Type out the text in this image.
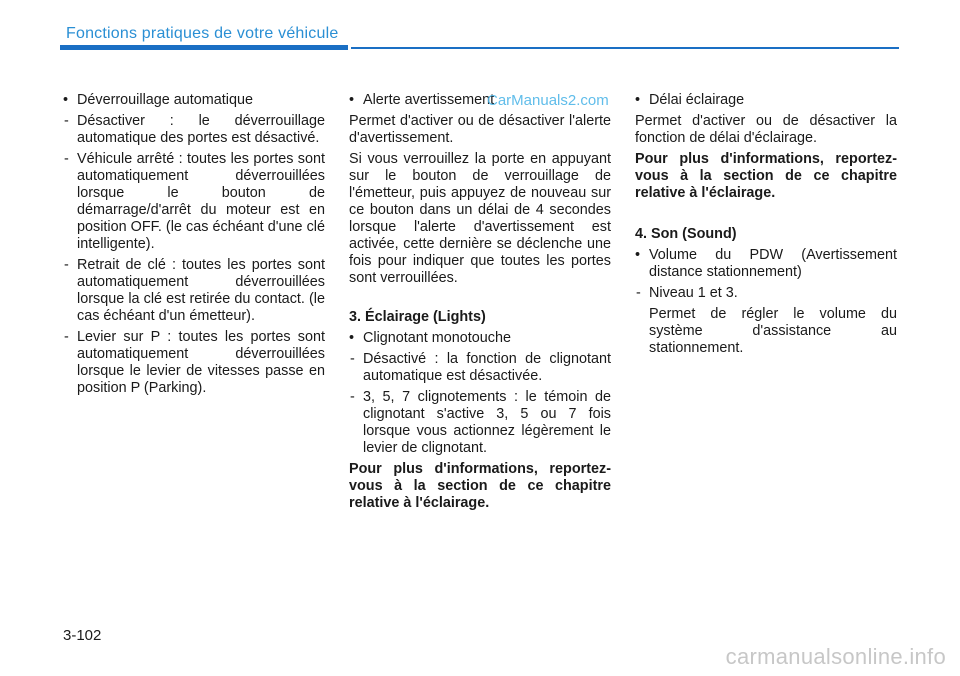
Fonctions pratiques de votre véhicule
• Déverrouillage automatique
- Désactiver : le déverrouillage automatique des portes est désactivé.
- Véhicule arrêté : toutes les portes sont automatiquement déverrouillées lorsque le bouton de démarrage/d'arrêt du moteur est en position OFF. (le cas échéant d'une clé intelligente).
- Retrait de clé : toutes les portes sont automatiquement déverrouillées lorsque la clé est retirée du contact. (le cas échéant d'un émetteur).
- Levier sur P : toutes les portes sont automatiquement déverrouillées lorsque le levier de vitesses passe en position P (Parking).
• Alerte avertissement

Permet d'activer ou de désactiver l'alerte d'avertissement.

Si vous verrouillez la porte en appuyant sur le bouton de verrouillage de l'émetteur, puis appuyez de nouveau sur ce bouton dans un délai de 4 secondes lorsque l'alerte d'avertissement est activée, cette dernière se déclenche une fois pour indiquer que toutes les portes sont verrouillées.

3. Éclairage (Lights)
• Clignotant monotouche
- Désactivé : la fonction de clignotant automatique est désactivée.
- 3, 5, 7 clignotements : le témoin de clignotant s'active 3, 5 ou 7 fois lorsque vous actionnez légèrement le levier de clignotant.

Pour plus d'informations, reportez-vous à la section de ce chapitre relative à l'éclairage.

• Délai éclairage

Permet d'activer ou de désactiver la fonction de délai d'éclairage.

Pour plus d'informations, reportez-vous à la section de ce chapitre relative à l'éclairage.

4. Son (Sound)
• Volume du PDW (Avertissement distance stationnement)
- Niveau 1 et 3.
Permet de régler le volume du système d'assistance au stationnement.
CarManuals2.com
3-102
carmanualsonline.info
